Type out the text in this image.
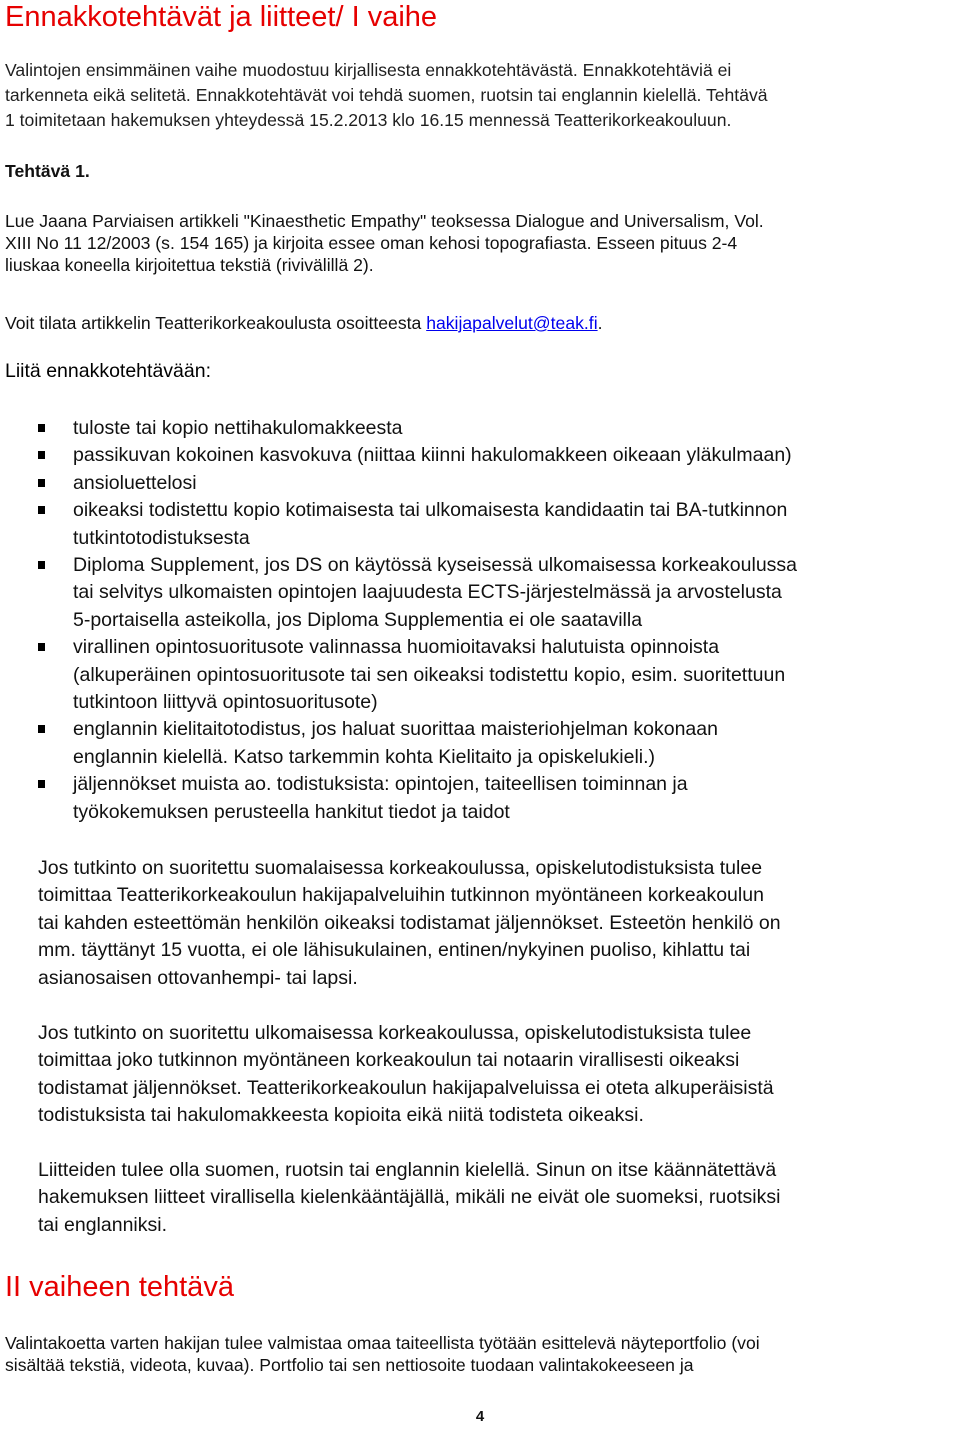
Ennakkotehtävät ja liitteet/ I vaihe
Valintojen ensimmäinen vaihe muodostuu kirjallisesta ennakkotehtävästä. Ennakkotehtäviä ei
tarkenneta eikä selitetä. Ennakkotehtävät voi tehdä suomen, ruotsin tai englannin kielellä. Tehtävä
1 toimitetaan hakemuksen yhteydessä 15.2.2013 klo 16.15 mennessä Teatterikorkeakouluun.
Tehtävä 1.
Lue Jaana Parviaisen artikkeli "Kinaesthetic Empathy" teoksessa Dialogue and Universalism, Vol.
XIII No 11 12/2003 (s. 154 165) ja kirjoita essee oman kehosi topografiasta. Esseen pituus 2-4
liuskaa koneella kirjoitettua tekstiä (rivivälillä 2).
Voit tilata artikkelin Teatterikorkeakoulusta osoitteesta hakijapalvelut@teak.fi.
Liitä ennakkotehtävään:
tuloste tai kopio nettihakulomakkeesta
passikuvan kokoinen kasvokuva (niittaa kiinni hakulomakkeen oikeaan yläkulmaan)
ansioluettelosi
oikeaksi todistettu kopio kotimaisesta tai ulkomaisesta kandidaatin tai BA-tutkinnon
tutkintotodistuksesta
Diploma Supplement, jos DS on käytössä kyseisessä ulkomaisessa korkeakoulussa
tai selvitys ulkomaisten opintojen laajuudesta ECTS-järjestelmässä ja arvostelusta
5-portaisella asteikolla, jos Diploma Supplementia ei ole saatavilla
virallinen opintosuoritusote valinnassa huomioitavaksi halutuista opinnoista
(alkuperäinen opintosuoritusote tai sen oikeaksi todistettu kopio, esim. suoritettuun
tutkintoon liittyvä opintosuoritusote)
englannin kielitaitotodistus, jos haluat suorittaa maisteriohjelman kokonaan
englannin kielellä. Katso tarkemmin kohta Kielitaito ja opiskelukieli.)
jäljennökset muista ao. todistuksista: opintojen, taiteellisen toiminnan ja
työkokemuksen perusteella hankitut tiedot ja taidot
Jos tutkinto on suoritettu suomalaisessa korkeakoulussa, opiskelutodistuksista tulee
toimittaa Teatterikorkeakoulun hakijapalveluihin tutkinnon myöntäneen korkeakoulun
tai kahden esteettömän henkilön oikeaksi todistamat jäljennökset. Esteetön henkilö on
mm. täyttänyt 15 vuotta, ei ole lähisukulainen, entinen/nykyinen puoliso, kihlattu tai
asianosaisen ottovanhempi- tai lapsi.
Jos tutkinto on suoritettu ulkomaisessa korkeakoulussa, opiskelutodistuksista tulee
toimittaa joko tutkinnon myöntäneen korkeakoulun tai notaarin virallisesti oikeaksi
todistamat jäljennökset. Teatterikorkeakoulun hakijapalveluissa ei oteta alkuperäisistä
todistuksista tai hakulomakkeesta kopioita eikä niitä todisteta oikeaksi.
Liitteiden tulee olla suomen, ruotsin tai englannin kielellä. Sinun on itse käännätettävä
hakemuksen liitteet virallisella kielenkääntäjällä, mikäli ne eivät ole suomeksi, ruotsiksi
tai englanniksi.
II vaiheen tehtävä
Valintakoetta varten hakijan tulee valmistaa omaa taiteellista työtään esittelevä näyteportfolio (voi
sisältää tekstiä, videota, kuvaa). Portfolio tai sen nettiosoite tuodaan valintakokeeseen ja
4
